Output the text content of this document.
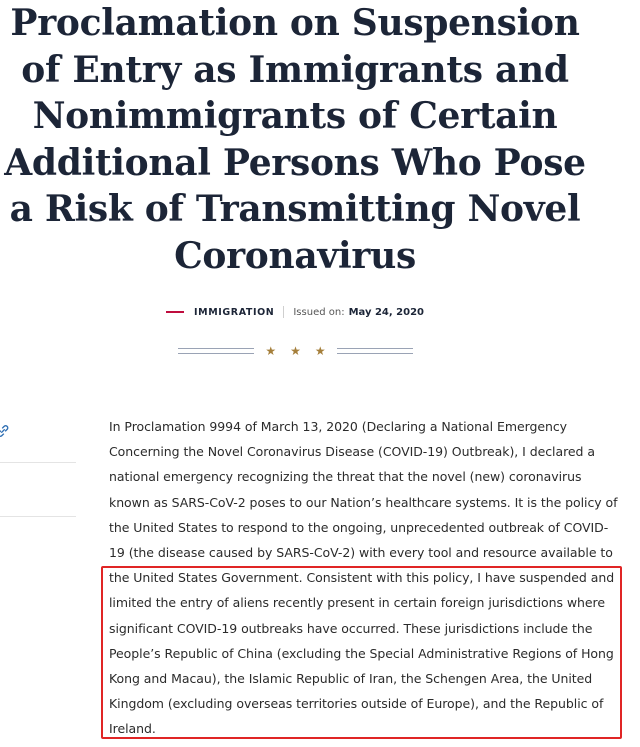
Proclamation on Suspension of Entry as Immigrants and Nonimmigrants of Certain Additional Persons Who Pose a Risk of Transmitting Novel Coronavirus
IMMIGRATION Issued on: May 24, 2020
★ ★ ★

In Proclamation 9994 of March 13, 2020 (Declaring a National Emergency Concerning the Novel Coronavirus Disease (COVID-19) Outbreak), I declared a national emergency recognizing the threat that the novel (new) coronavirus known as SARS-CoV-2 poses to our Nation’s healthcare systems. It is the policy of the United States to respond to the ongoing, unprecedented outbreak of COVID-19 (the disease caused by SARS-CoV-2) with every tool and resource available to the United States Government. Consistent with this policy, I have suspended and limited the entry of aliens recently present in certain foreign jurisdictions where significant COVID-19 outbreaks have occurred. These jurisdictions include the People’s Republic of China (excluding the Special Administrative Regions of Hong Kong and Macau), the Islamic Republic of Iran, the Schengen Area, the United Kingdom (excluding overseas territories outside of Europe), and the Republic of Ireland.
